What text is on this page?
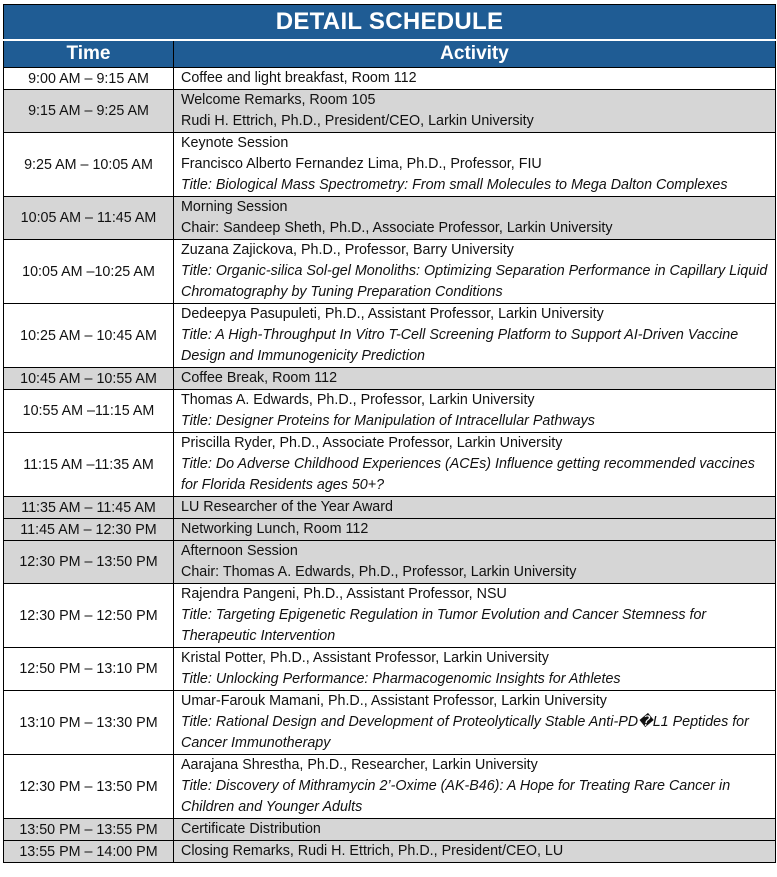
DETAIL SCHEDULE	
Time	Activity
9:00 AM – 9:15 AM	Coffee and light breakfast, Room 112

9:15 AM – 9:25 AM	Welcome Remarks, Room 105
Rudi H. Ettrich, Ph.D., President/CEO, Larkin University

9:25 AM – 10:05 AM	Keynote Session
Francisco Alberto Fernandez Lima, Ph.D., Professor, FIU
Title: Biological Mass Spectrometry: From small Molecules to Mega Dalton Complexes

10:05 AM – 11:45 AM	Morning Session
Chair: Sandeep Sheth, Ph.D., Associate Professor, Larkin University

10:05 AM –10:25 AM	Zuzana Zajickova, Ph.D., Professor, Barry University
Title: Organic-silica Sol-gel Monoliths: Optimizing Separation Performance in Capillary Liquid Chromatography by Tuning Preparation Conditions

10:25 AM – 10:45 AM	Dedeepya Pasupuleti, Ph.D., Assistant Professor, Larkin University
Title: A High-Throughput In Vitro T-Cell Screening Platform to Support AI-Driven Vaccine Design and Immunogenicity Prediction

10:45 AM – 10:55 AM	Coffee Break, Room 112

10:55 AM –11:15 AM	Thomas A. Edwards, Ph.D., Professor, Larkin University
Title: Designer Proteins for Manipulation of Intracellular Pathways

11:15 AM –11:35 AM	Priscilla Ryder, Ph.D., Associate Professor, Larkin University
Title: Do Adverse Childhood Experiences (ACEs) Influence getting recommended vaccines for Florida Residents ages 50+?

11:35 AM – 11:45 AM	LU Researcher of the Year Award

11:45 AM – 12:30 PM	Networking Lunch, Room 112

12:30 PM – 13:50 PM	Afternoon Session
Chair: Thomas A. Edwards, Ph.D., Professor, Larkin University

12:30 PM – 12:50 PM	Rajendra Pangeni, Ph.D., Assistant Professor, NSU
Title: Targeting Epigenetic Regulation in Tumor Evolution and Cancer Stemness for Therapeutic Intervention

12:50 PM – 13:10 PM	Kristal Potter, Ph.D., Assistant Professor, Larkin University
Title: Unlocking Performance: Pharmacogenomic Insights for Athletes

13:10 PM – 13:30 PM	Umar-Farouk Mamani, Ph.D., Assistant Professor, Larkin University
Title: Rational Design and Development of Proteolytically Stable Anti-PD�L1 Peptides for Cancer Immunotherapy

12:30 PM – 13:50 PM	Aarajana Shrestha, Ph.D., Researcher, Larkin University
Title: Discovery of Mithramycin 2’-Oxime (AK-B46): A Hope for Treating Rare Cancer in Children and Younger Adults

13:50 PM – 13:55 PM	Certificate Distribution

13:55 PM – 14:00 PM	Closing Remarks, Rudi H. Ettrich, Ph.D., President/CEO, LU
